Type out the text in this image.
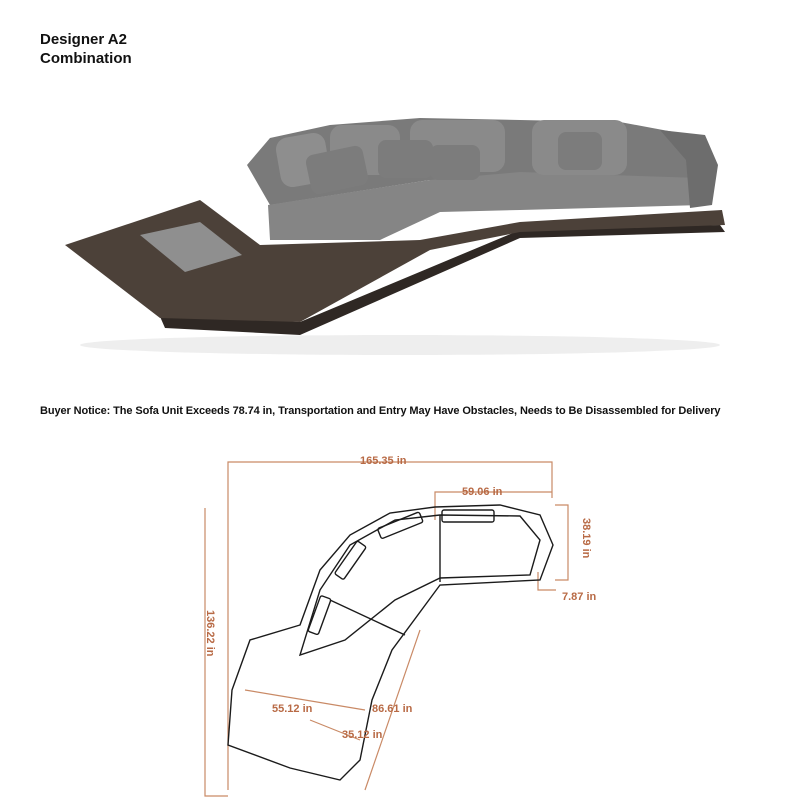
Designer A2
Combination
Buyer Notice: The Sofa Unit Exceeds 78.74 in, Transportation and Entry May Have Obstacles, Needs to Be Disassembled for Delivery
165.35 in
59.06 in
38.19 in
7.87 in
136.22 in
86.61 in
55.12 in
35.12 in
